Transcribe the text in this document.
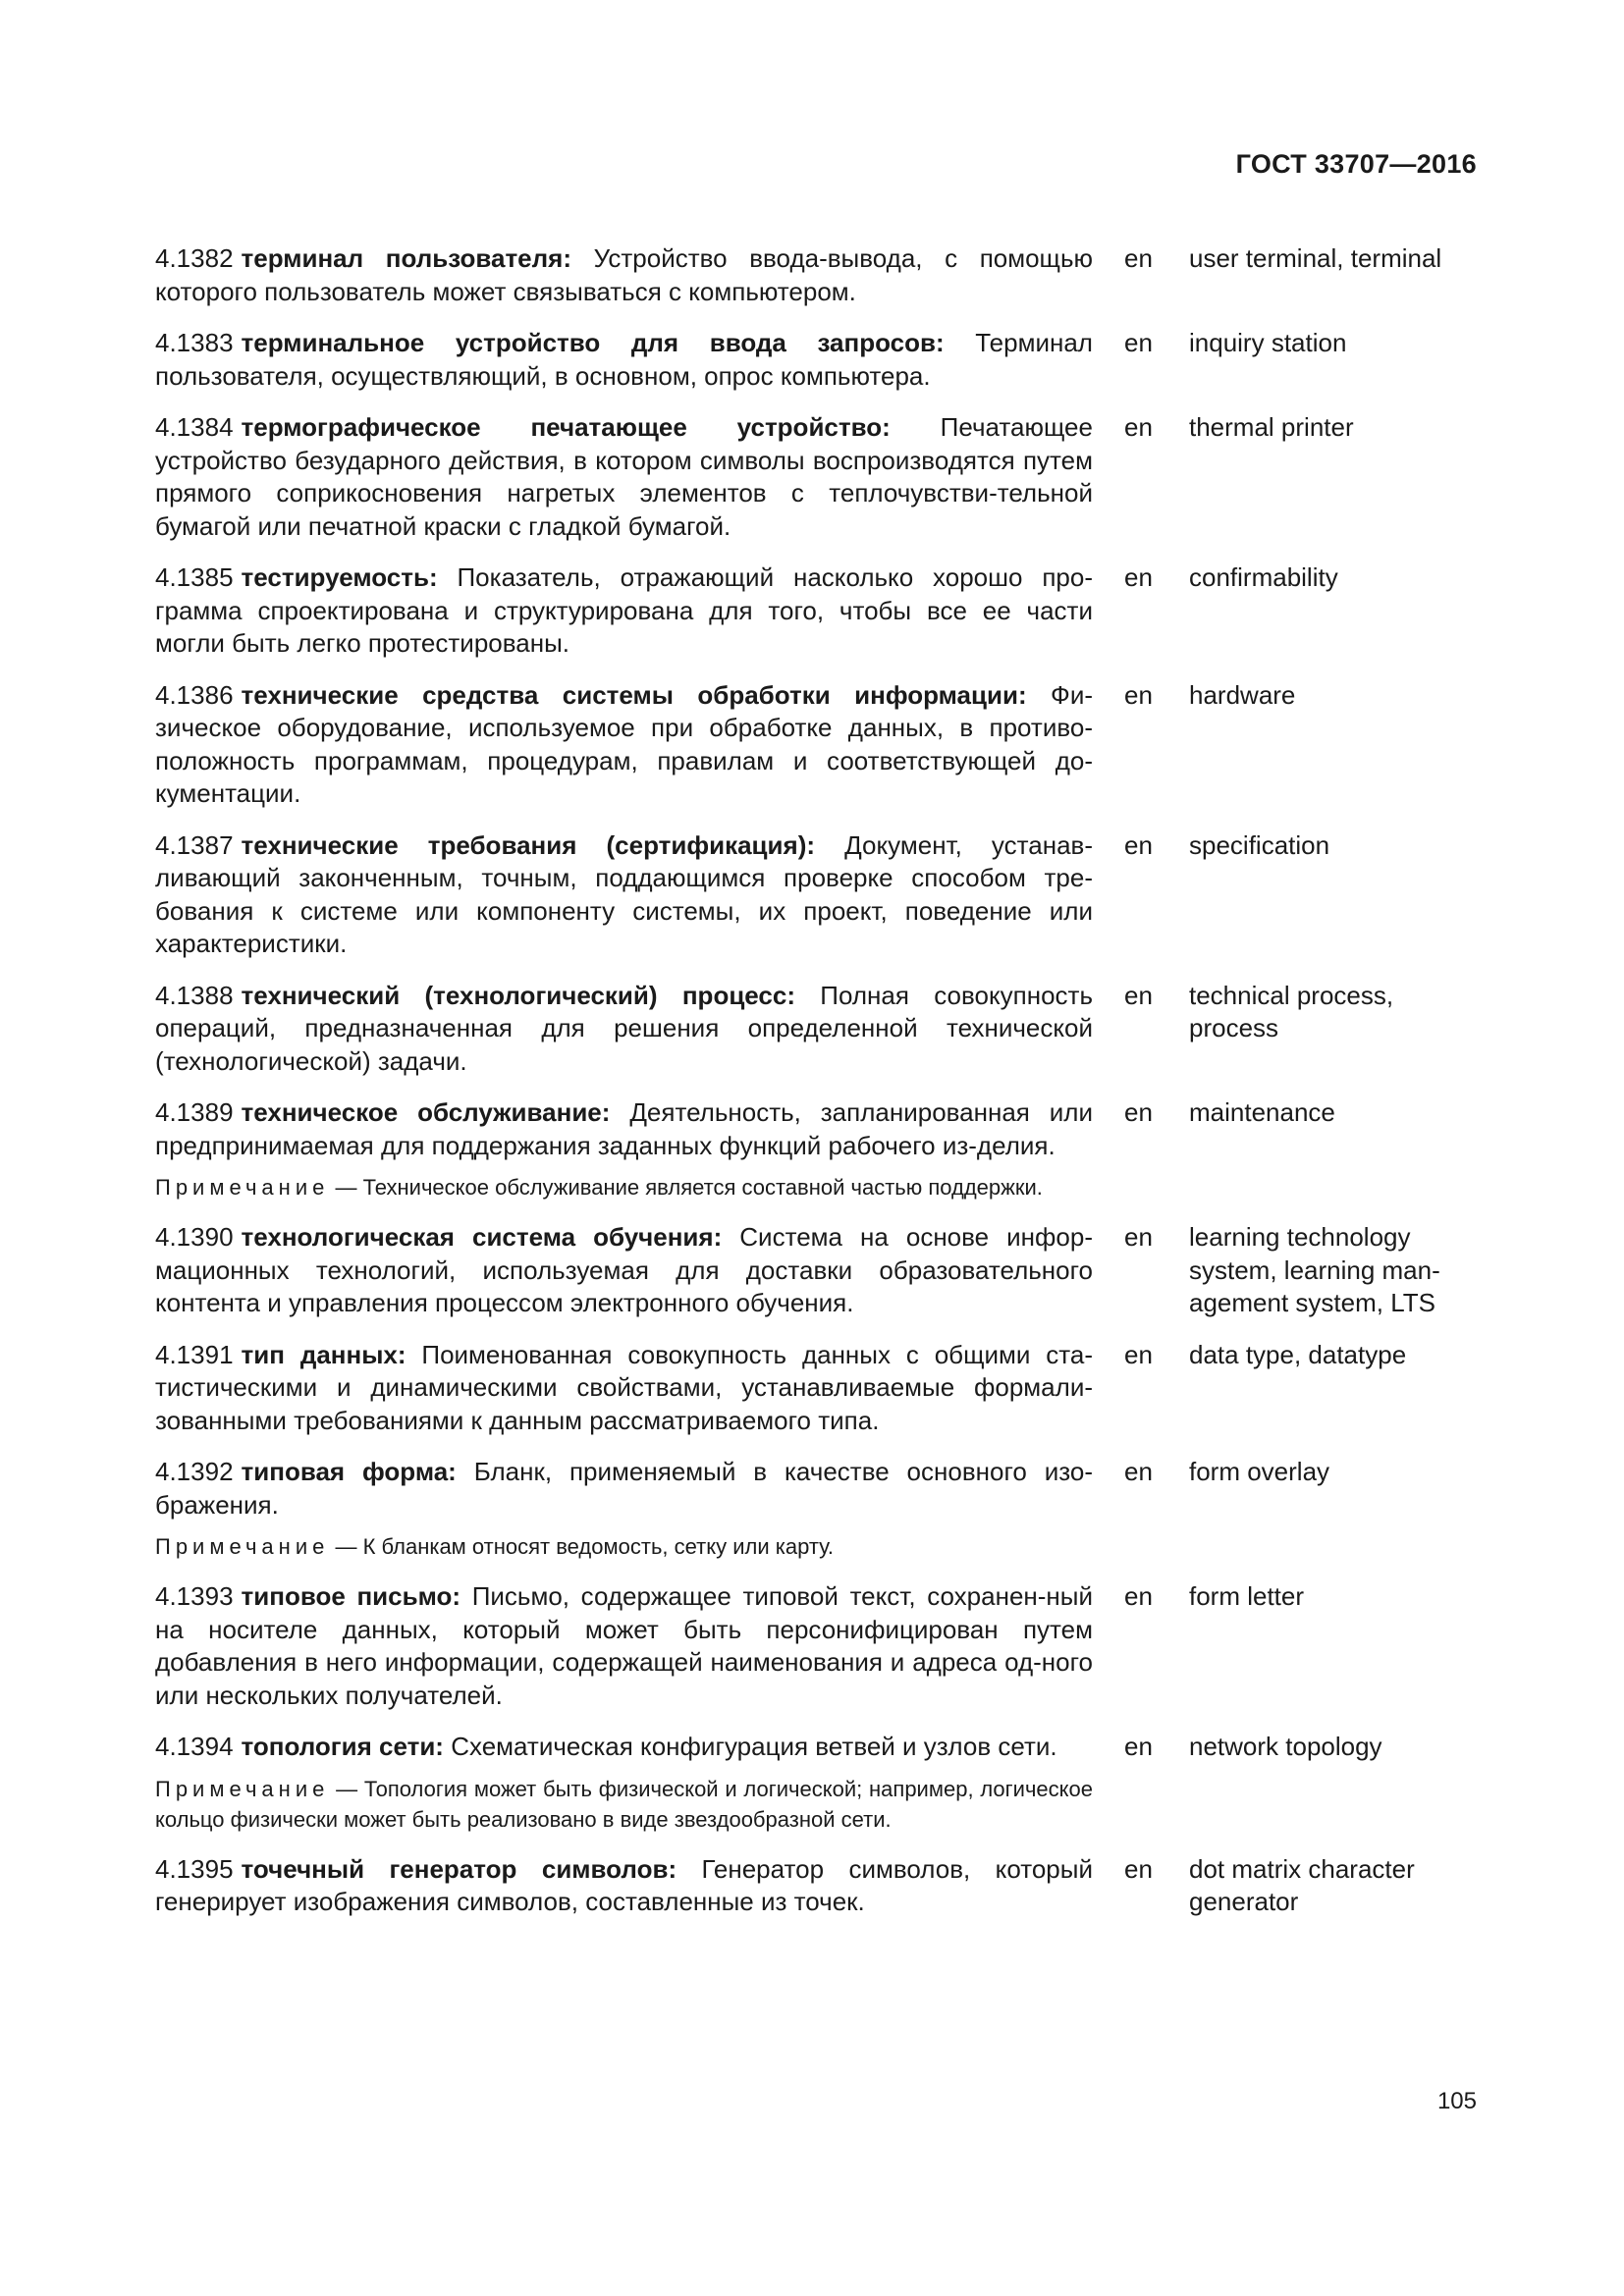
ГОСТ 33707—2016
4.1382 терминал пользователя: Устройство ввода-вывода, с помощью которого пользователь может связываться с компьютером.
en	user terminal, terminal
4.1383 терминальное устройство для ввода запросов: Терминал пользователя, осуществляющий, в основном, опрос компьютера.
en	inquiry station
4.1384 термографическое печатающее устройство: Печатающее устройство безударного действия, в котором символы воспроизводятся путем прямого соприкосновения нагретых элементов с теплочувстви-тельной бумагой или печатной краски с гладкой бумагой.
en	thermal printer
4.1385 тестируемость: Показатель, отражающий насколько хорошо про-грамма спроектирована и структурирована для того, чтобы все ее части могли быть легко протестированы.
en	confirmability
4.1386 технические средства системы обработки информации: Фи-зическое оборудование, используемое при обработке данных, в противо-положность программам, процедурам, правилам и соответствующей до-кументации.
en	hardware
4.1387 технические требования (сертификация): Документ, устанав-ливающий законченным, точным, поддающимся проверке способом тре-бования к системе или компоненту системы, их проект, поведение или характеристики.
en	specification
4.1388 технический (технологический) процесс: Полная совокупность операций, предназначенная для решения определенной технической (технологической) задачи.
en	technical process, process
4.1389 техническое обслуживание: Деятельность, запланированная или предпринимаемая для поддержания заданных функций рабочего из-делия.
en	maintenance
Примечание — Техническое обслуживание является составной частью поддержки.
4.1390 технологическая система обучения: Система на основе инфор-мационных технологий, используемая для доставки образовательного контента и управления процессом электронного обучения.
en	learning technology system, learning man-agement system, LTS
4.1391 тип данных: Поименованная совокупность данных с общими ста-тистическими и динамическими свойствами, устанавливаемые формали-зованными требованиями к данным рассматриваемого типа.
en	data type, datatype
4.1392 типовая форма: Бланк, применяемый в качестве основного изо-бражения.
en	form overlay
Примечание — К бланкам относят ведомость, сетку или карту.
4.1393 типовое письмо: Письмо, содержащее типовой текст, сохранен-ный на носителе данных, который может быть персонифицирован путем добавления в него информации, содержащей наименования и адреса од-ного или нескольких получателей.
en	form letter
4.1394 топология сети: Схематическая конфигурация ветвей и узлов сети.	en	network topology
Примечание — Топология может быть физической и логической; например, логическое кольцо физически может быть реализовано в виде звездообразной сети.
4.1395 точечный генератор символов: Генератор символов, который генерирует изображения символов, составленные из точек.
en	dot matrix character generator
105
